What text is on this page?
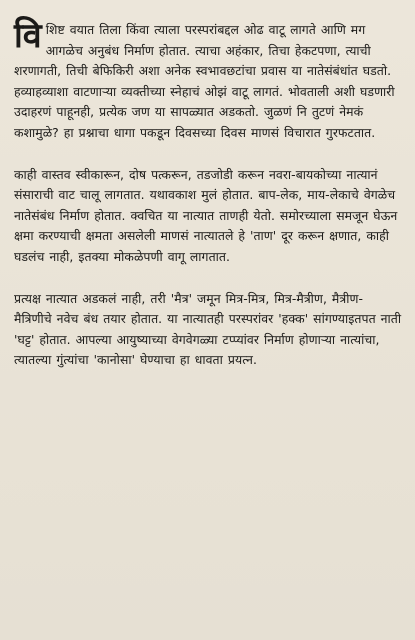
विशिष्ट वयात तिला किंवा त्याला परस्परांबद्दल ओढ वाटू लागते आणि मग आगळेच अनुबंध निर्माण होतात. त्याचा अहंकार, तिचा हेकटपणा, त्याची शरणागती, तिची बेफिकिरी अशा अनेक स्वभावछटांचा प्रवास या नातेसंबंधांत घडतो. हव्याहव्याशा वाटणाऱ्या व्यक्तीच्या स्नेहाचं ओझं वाटू लागतं. भोवताली अशी घडणारी उदाहरणं पाहूनही, प्रत्येक जण या सापळ्यात अडकतो. जुळणं नि तुटणं नेमकं कशामुळे? हा प्रश्नाचा धागा पकडून दिवसच्या दिवस माणसं विचारात गुरफटतात.

काही वास्तव स्वीकारून, दोष पत्करून, तडजोडी करून नवरा-बायकोच्या नात्यानं संसाराची वाट चालू लागतात. यथावकाश मुलं होतात. बाप-लेक, माय-लेकाचे वेगळेच नातेसंबंध निर्माण होतात. क्वचित या नात्यात ताणही येतो. समोरच्याला समजून घेऊन क्षमा करण्याची क्षमता असलेली माणसं नात्यातले हे 'ताण' दूर करून क्षणात, काही घडलंच नाही, इतक्या मोकळेपणी वागू लागतात.

प्रत्यक्ष नात्यात अडकलं नाही, तरी 'मैत्र' जमून मित्र-मित्र, मित्र-मैत्रीण, मैत्रीण- मैत्रिणीचे नवेच बंध तयार होतात. या नात्यातही परस्परांवर 'हक्क' सांगण्याइतपत नाती 'घट्ट' होतात. आपल्या आयुष्याच्या वेगवेगळ्या टप्प्यांवर निर्माण होणाऱ्या नात्यांचा, त्यातल्या गुंत्यांचा 'कानोसा' घेण्याचा हा धावता प्रयत्न.
